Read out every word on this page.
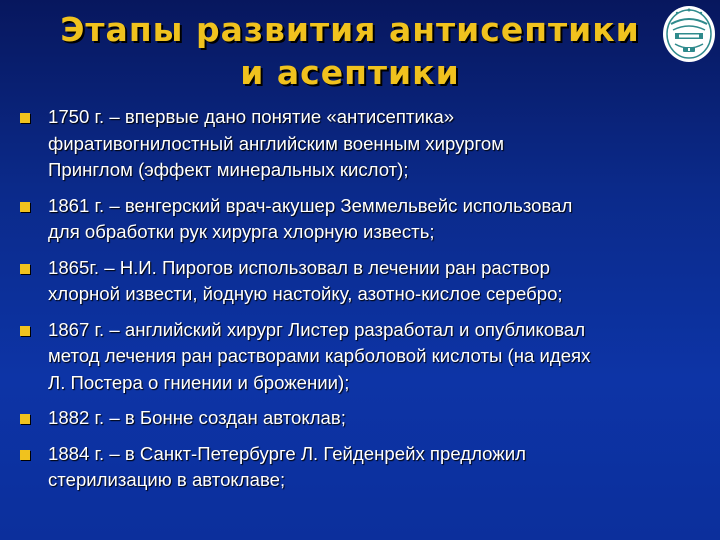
Этапы развития антисептики
и асептики
1750 г. – впервые дано понятие «антисептика»
фиративогнилостный английским военным хирургом
Принглом (эффект минеральных кислот);
1861 г. – венгерский врач-акушер Земмельвейс использовал
для обработки рук хирурга хлорную известь;
1865г. – Н.И. Пирогов использовал в лечении ран раствор
хлорной извести, йодную настойку, азотно-кислое серебро;
1867 г. – английский хирург Листер разработал и опубликовал
метод лечения ран растворами карболовой кислоты (на идеях
Л. Постера о гниении и брожении);
1882 г. – в Бонне создан автоклав;
1884 г. – в Санкт-Петербурге Л. Гейденрейх предложил
стерилизацию в автоклаве;
